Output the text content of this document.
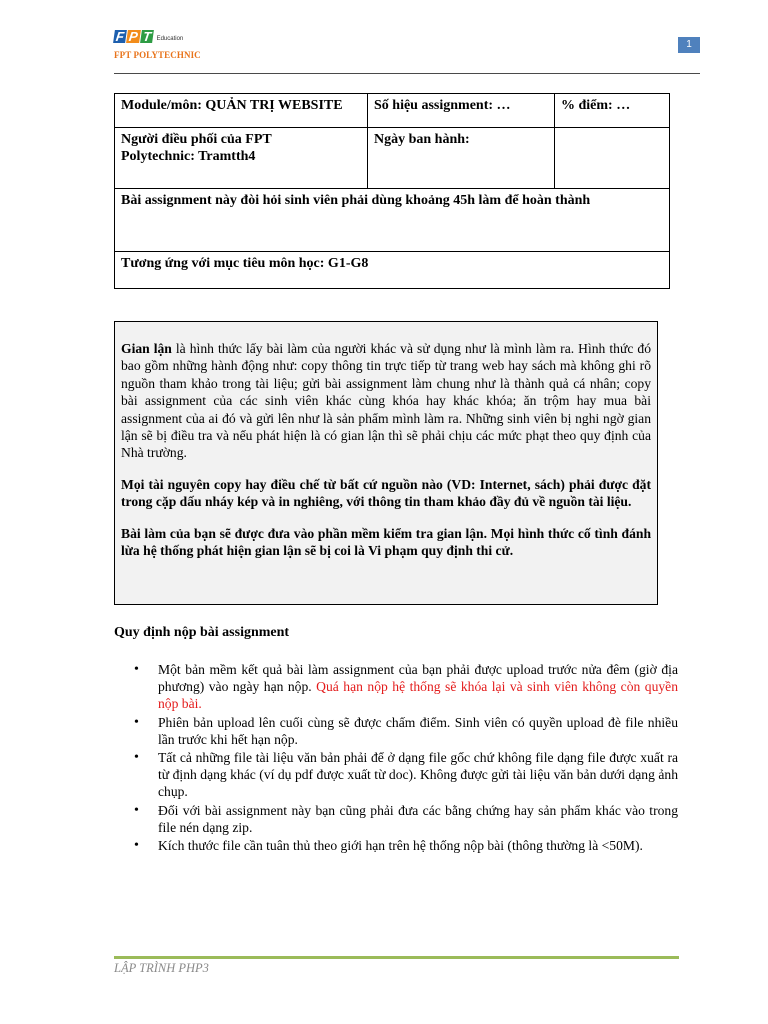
F P T Education
FPT POLYTECHNIC
1
Module/môn: QUẢN TRỊ WEBSITE	Số hiệu assignment: …	% điểm: …

Người điều phối của FPT
Polytechnic: Tramtth4	Ngày ban hành:	
Bài assignment này đòi hỏi sinh viên phải dùng khoảng 45h làm để hoàn thành		
Tương ứng với mục tiêu môn học: G1-G8		

Gian lận là hình thức lấy bài làm của người khác và sử dụng như là mình làm ra. Hình thức đó bao gồm những hành động như: copy thông tin trực tiếp từ trang web hay sách mà không ghi rõ nguồn tham khảo trong tài liệu; gửi bài assignment làm chung như là thành quả cá nhân; copy bài assignment của các sinh viên khác cùng khóa hay khác khóa; ăn trộm hay mua bài assignment của ai đó và gửi lên như là sản phẩm mình làm ra. Những sinh viên bị nghi ngờ gian lận sẽ bị điều tra và nếu phát hiện là có gian lận thì sẽ phải chịu các mức phạt theo quy định của Nhà trường.

Mọi tài nguyên copy hay điều chế từ bất cứ nguồn nào (VD: Internet, sách) phải được đặt trong cặp dấu nháy kép và in nghiêng, với thông tin tham khảo đầy đủ về nguồn tài liệu.

Bài làm của bạn sẽ được đưa vào phần mềm kiểm tra gian lận. Mọi hình thức cố tình đánh lừa hệ thống phát hiện gian lận sẽ bị coi là Vi phạm quy định thi cử.

Quy định nộp bài assignment
• Một bản mềm kết quả bài làm assignment của bạn phải được upload trước nửa đêm (giờ địa phương) vào ngày hạn nộp. Quá hạn nộp hệ thống sẽ khóa lại và sinh viên không còn quyền nộp bài.
• Phiên bản upload lên cuối cùng sẽ được chấm điểm. Sinh viên có quyền upload đè file nhiều lần trước khi hết hạn nộp.
• Tất cả những file tài liệu văn bản phải để ở dạng file gốc chứ không file dạng file được xuất ra từ định dạng khác (ví dụ pdf được xuất từ doc). Không được gửi tài liệu văn bản dưới dạng ảnh chụp.
• Đối với bài assignment này bạn cũng phải đưa các bằng chứng hay sản phẩm khác vào trong file nén dạng zip.
• Kích thước file cần tuân thủ theo giới hạn trên hệ thống nộp bài (thông thường là <50M).
LẬP TRÌNH PHP3
